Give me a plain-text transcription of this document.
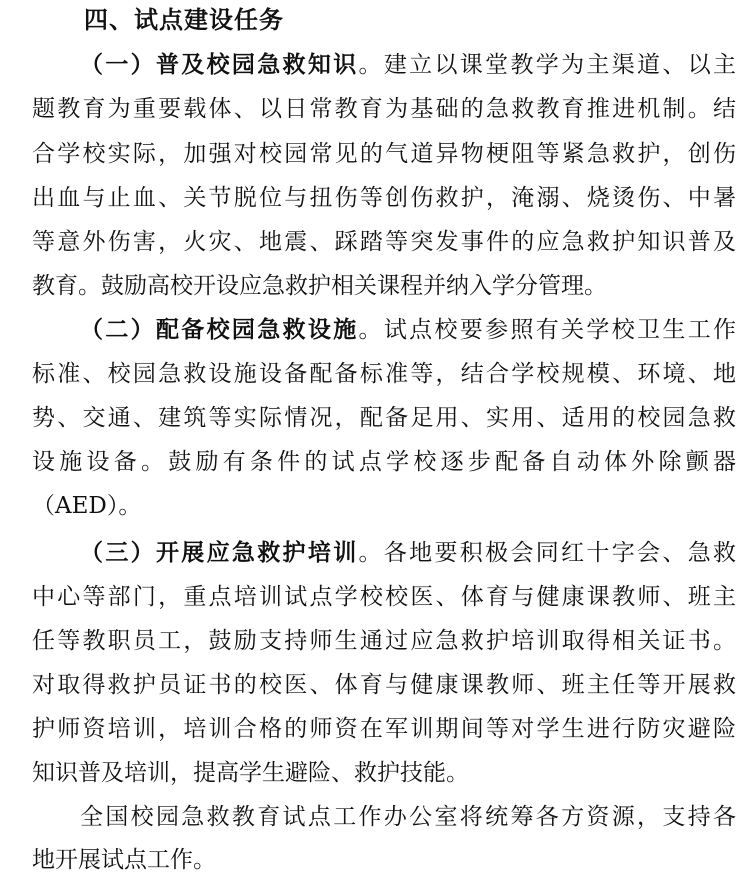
四、试点建设任务
（一）普及校园急救知识。建立以课堂教学为主渠道、以主
题教育为重要载体、以日常教育为基础的急救教育推进机制。结
合学校实际，加强对校园常见的气道异物梗阻等紧急救护，创伤
出血与止血、关节脱位与扭伤等创伤救护，淹溺、烧烫伤、中暑
等意外伤害，火灾、地震、踩踏等突发事件的应急救护知识普及
教育。鼓励高校开设应急救护相关课程并纳入学分管理。
（二）配备校园急救设施。试点校要参照有关学校卫生工作
标准、校园急救设施设备配备标准等，结合学校规模、环境、地
势、交通、建筑等实际情况，配备足用、实用、适用的校园急救
设施设备。鼓励有条件的试点学校逐步配备自动体外除颤器
（AED）。
（三）开展应急救护培训。各地要积极会同红十字会、急救
中心等部门，重点培训试点学校校医、体育与健康课教师、班主
任等教职员工，鼓励支持师生通过应急救护培训取得相关证书。
对取得救护员证书的校医、体育与健康课教师、班主任等开展救
护师资培训，培训合格的师资在军训期间等对学生进行防灾避险
知识普及培训，提高学生避险、救护技能。
全国校园急救教育试点工作办公室将统筹各方资源，支持各
地开展试点工作。
